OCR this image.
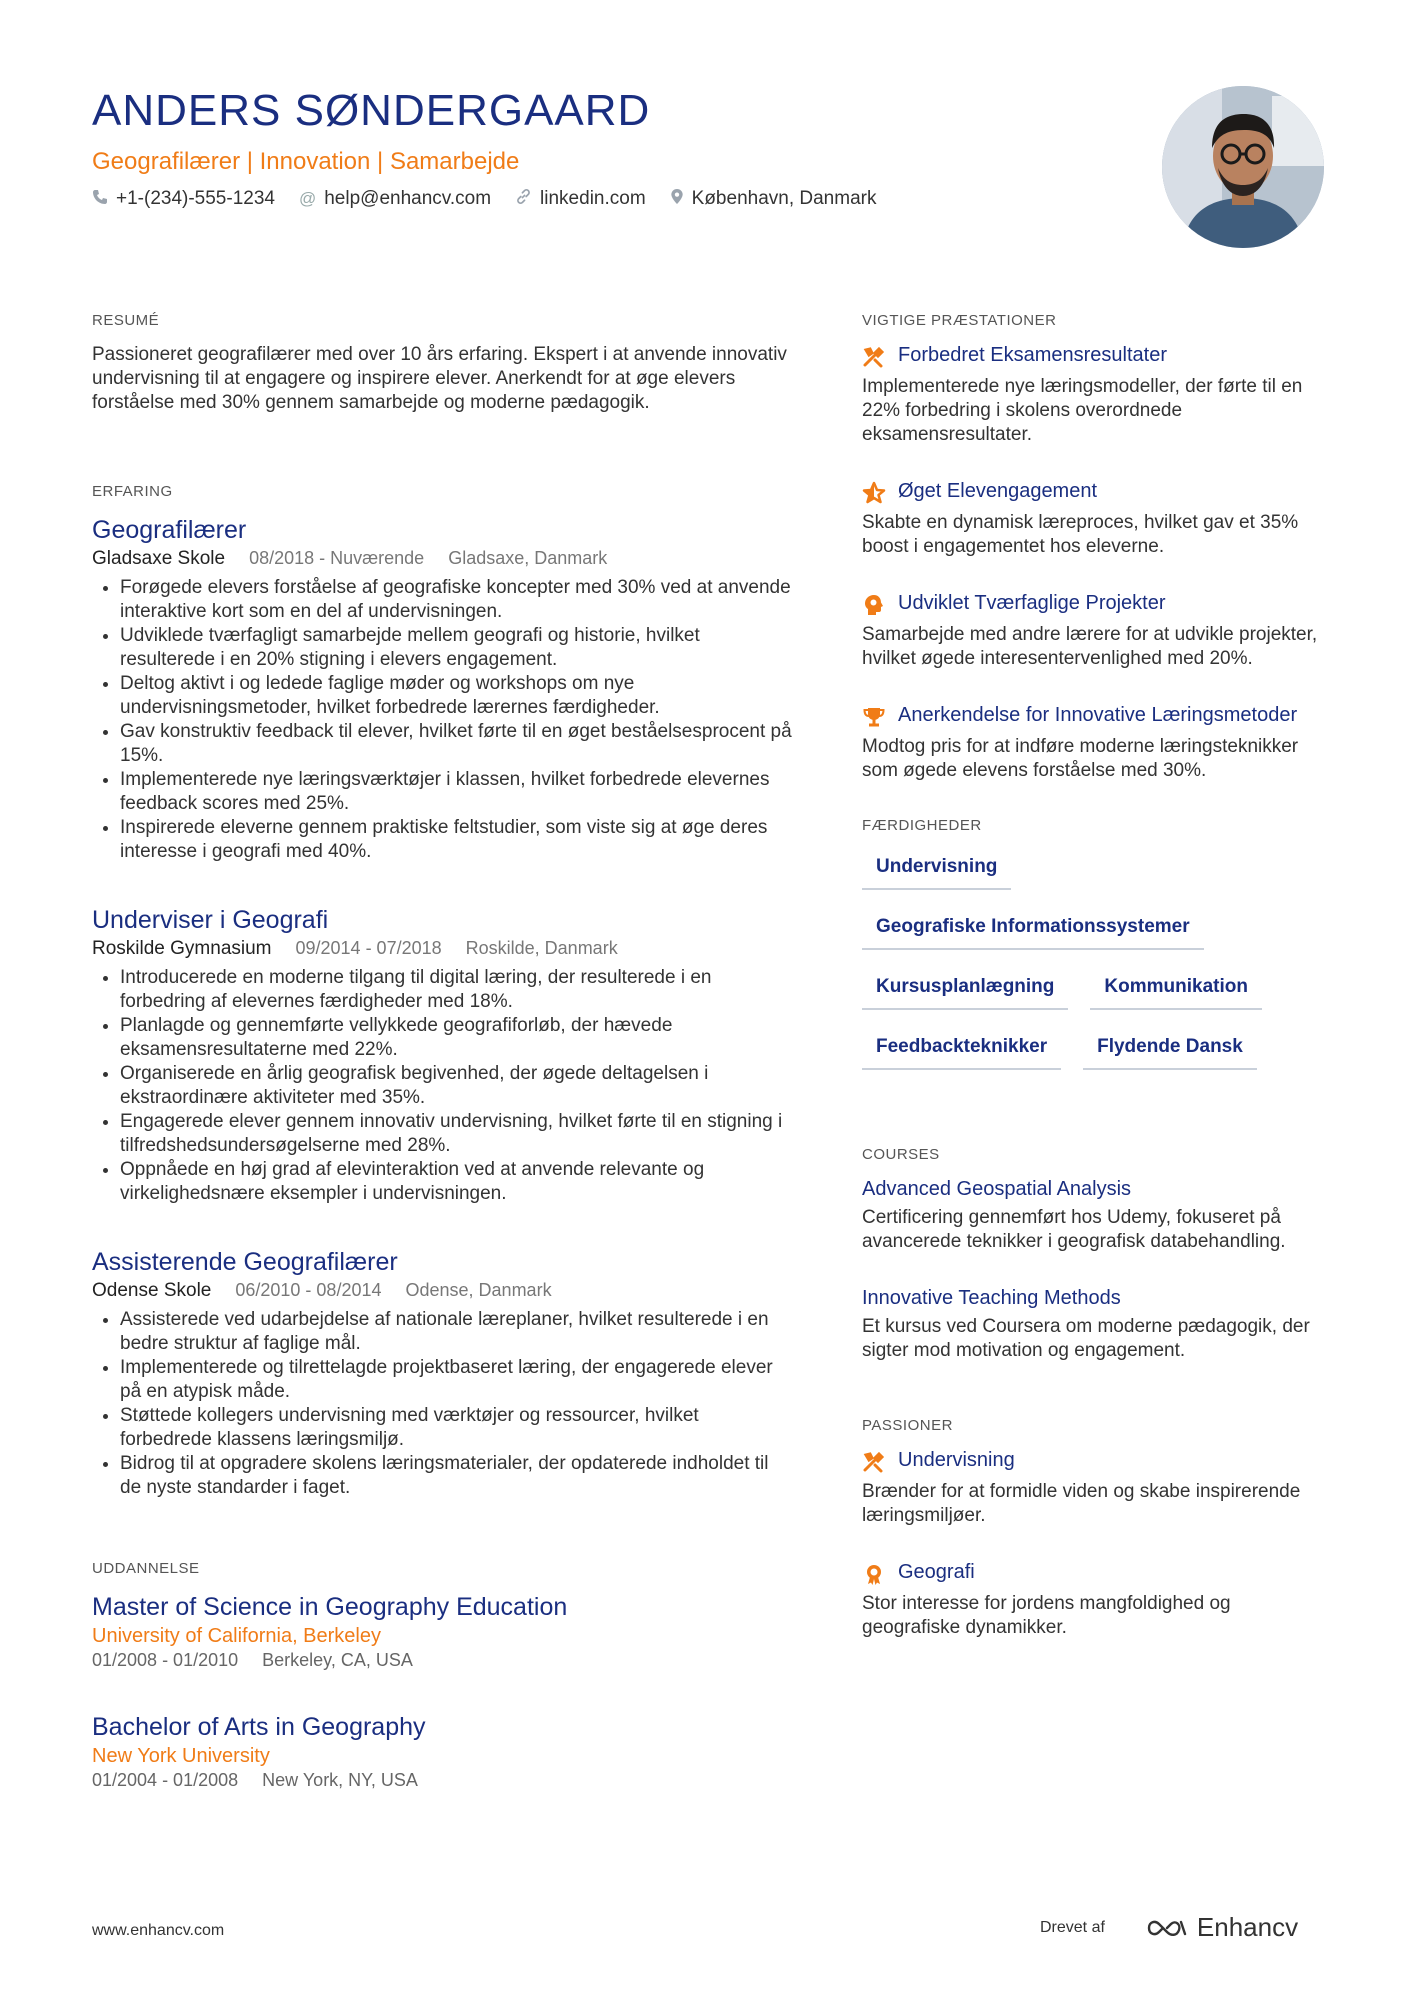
ANDERS SØNDERGAARD
Geografilærer | Innovation | Samarbejde
+1-(234)-555-1234 @ help@enhancv.com	linkedin.com København, Danmark
RESUMÉ

Passioneret geografilærer med over 10 års erfaring. Ekspert i at anvende innovativ undervisning til at engagere og inspirere elever. Anerkendt for at øge elevers forståelse med 30% gennem samarbejde og moderne pædagogik.

ERFARING
Geografilærer
Gladsaxe Skole 08/2018 - Nuværende Gladsaxe, Danmark
• Forøgede elevers forståelse af geografiske koncepter med 30% ved at anvende interaktive kort som en del af undervisningen.
• Udviklede tværfagligt samarbejde mellem geografi og historie, hvilket resulterede i en 20% stigning i elevers engagement.
• Deltog aktivt i og ledede faglige møder og workshops om nye undervisningsmetoder, hvilket forbedrede lærernes færdigheder.
• Gav konstruktiv feedback til elever, hvilket førte til en øget beståelsesprocent på 15%.
• Implementerede nye læringsværktøjer i klassen, hvilket forbedrede elevernes feedback scores med 25%.
• Inspirerede eleverne gennem praktiske feltstudier, som viste sig at øge deres interesse i geografi med 40%.
Underviser i Geografi
Roskilde Gymnasium 09/2014 - 07/2018 Roskilde, Danmark
• Introducerede en moderne tilgang til digital læring, der resulterede i en forbedring af elevernes færdigheder med 18%.
• Planlagde og gennemførte vellykkede geografiforløb, der hævede eksamensresultaterne med 22%.
• Organiserede en årlig geografisk begivenhed, der øgede deltagelsen i ekstraordinære aktiviteter med 35%.
• Engagerede elever gennem innovativ undervisning, hvilket førte til en stigning i tilfredshedsundersøgelserne med 28%.
• Oppnåede en høj grad af elevinteraktion ved at anvende relevante og virkelighedsnære eksempler i undervisningen.
Assisterende Geografilærer
Odense Skole 06/2010 - 08/2014 Odense, Danmark
• Assisterede ved udarbejdelse af nationale læreplaner, hvilket resulterede i en bedre struktur af faglige mål.
• Implementerede og tilrettelagde projektbaseret læring, der engagerede elever på en atypisk måde.
• Støttede kollegers undervisning med værktøjer og ressourcer, hvilket forbedrede klassens læringsmiljø.
• Bidrog til at opgradere skolens læringsmaterialer, der opdaterede indholdet til de nyste standarder i faget.
UDDANNELSE
Master of Science in Geography Education
University of California, Berkeley
01/2008 - 01/2010 Berkeley, CA, USA
Bachelor of Arts in Geography
New York University
01/2004 - 01/2008 New York, NY, USA
VIGTIGE PRÆSTATIONER
Forbedret Eksamensresultater
Implementerede nye læringsmodeller, der førte til en 22% forbedring i skolens overordnede eksamensresultater.
Øget Elevengagement
Skabte en dynamisk læreproces, hvilket gav et 35% boost i engagementet hos eleverne.
Udviklet Tværfaglige Projekter
Samarbejde med andre lærere for at udvikle projekter, hvilket øgede interesentervenlighed med 20%.
Anerkendelse for Innovative Læringsmetoder
Modtog pris for at indføre moderne læringsteknikker som øgede elevens forståelse med 30%.
FÆRDIGHEDER
Undervisning
Geografiske Informationssystemer
Kursusplanlægning	Kommunikation
Feedbackteknikker	Flydende Dansk
COURSES
Advanced Geospatial Analysis
Certificering gennemført hos Udemy, fokuseret på avancerede teknikker i geografisk databehandling.
Innovative Teaching Methods
Et kursus ved Coursera om moderne pædagogik, der sigter mod motivation og engagement.
PASSIONER
Undervisning
Brænder for at formidle viden og skabe inspirerende læringsmiljøer.
Geografi
Stor interesse for jordens mangfoldighed og geografiske dynamikker.
www.enhancv.com	Drevet af	Enhancv
